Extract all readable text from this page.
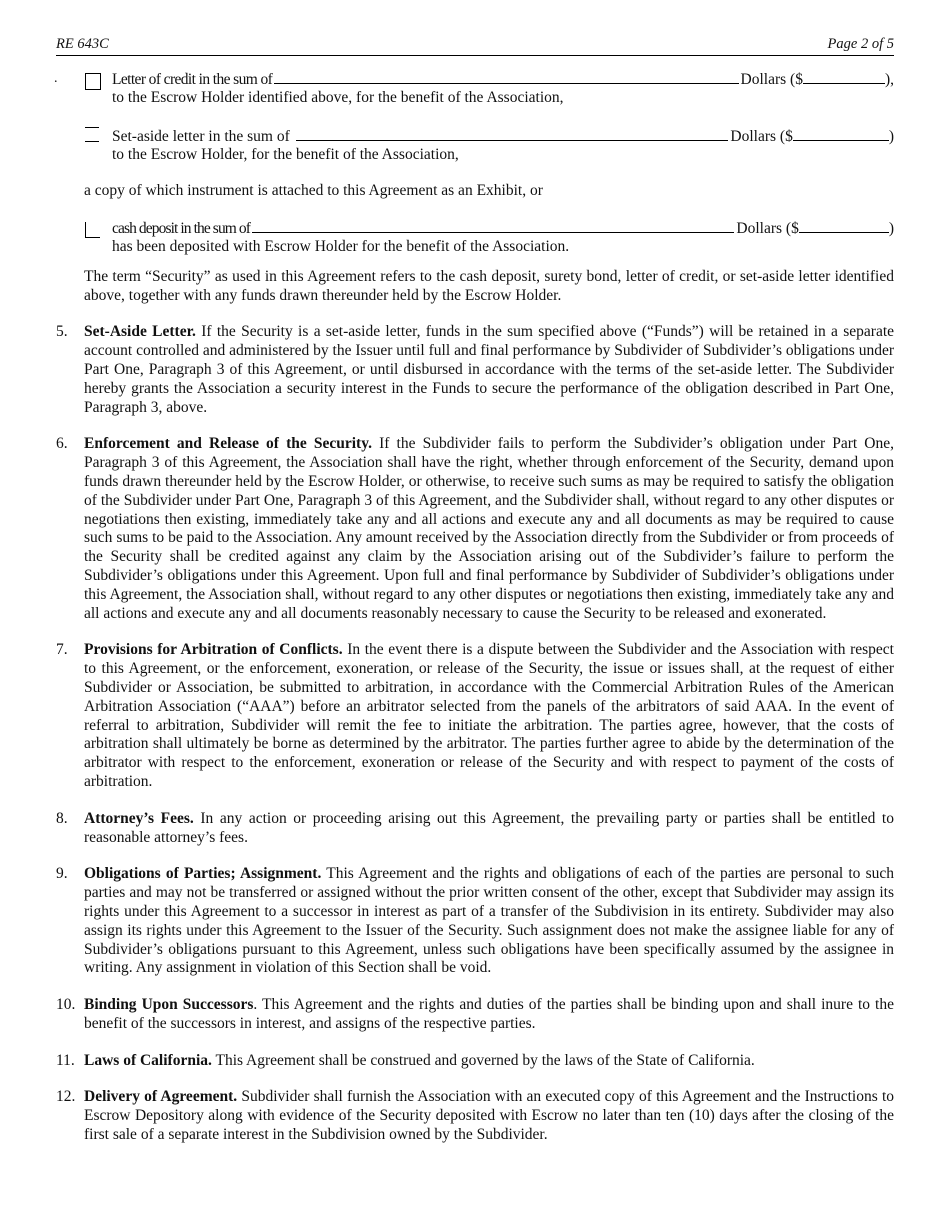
RE 643C	Page 2 of 5
.	Letter of credit in the sum of	Dollars ($	),
to the Escrow Holder identified above, for the benefit of the Association,
Set-aside letter in the sum of	Dollars ($	)
to the Escrow Holder, for the benefit of the Association,
a copy of which instrument is attached to this Agreement as an Exhibit, or
cash deposit in the sum of	Dollars ($	)
has been deposited with Escrow Holder for the benefit of the Association.
The term “Security” as used in this Agreement refers to the cash deposit, surety bond, letter of credit, or set-aside letter identified above, together with any funds drawn thereunder held by the Escrow Holder.
5. Set-Aside Letter. If the Security is a set-aside letter, funds in the sum specified above (“Funds”) will be retained in a separate account controlled and administered by the Issuer until full and final performance by Subdivider of Subdivider’s obligations under Part One, Paragraph 3 of this Agreement, or until disbursed in accordance with the terms of the set-aside letter. The Subdivider hereby grants the Association a security interest in the Funds to secure the performance of the obligation described in Part One, Paragraph 3, above.
6. Enforcement and Release of the Security. If the Subdivider fails to perform the Subdivider’s obligation under Part One, Paragraph 3 of this Agreement, the Association shall have the right, whether through enforcement of the Security, demand upon funds drawn thereunder held by the Escrow Holder, or otherwise, to receive such sums as may be required to satisfy the obligation of the Subdivider under Part One, Paragraph 3 of this Agreement, and the Subdivider shall, without regard to any other disputes or negotiations then existing, immediately take any and all actions and execute any and all documents as may be required to cause such sums to be paid to the Association. Any amount received by the Association directly from the Subdivider or from proceeds of the Security shall be credited against any claim by the Association arising out of the Subdivider’s failure to perform the Subdivider’s obligations under this Agreement. Upon full and final performance by Subdivider of Subdivider’s obligations under this Agreement, the Association shall, without regard to any other disputes or negotiations then existing, immediately take any and all actions and execute any and all documents reasonably necessary to cause the Security to be released and exonerated.
7. Provisions for Arbitration of Conflicts. In the event there is a dispute between the Subdivider and the Association with respect to this Agreement, or the enforcement, exoneration, or release of the Security, the issue or issues shall, at the request of either Subdivider or Association, be submitted to arbitration, in accordance with the Commercial Arbitration Rules of the American Arbitration Association (“AAA”) before an arbitrator selected from the panels of the arbitrators of said AAA. In the event of referral to arbitration, Subdivider will remit the fee to initiate the arbitration. The parties agree, however, that the costs of arbitration shall ultimately be borne as determined by the arbitrator. The parties further agree to abide by the determination of the arbitrator with respect to the enforcement, exoneration or release of the Security and with respect to payment of the costs of arbitration.
8. Attorney’s Fees. In any action or proceeding arising out this Agreement, the prevailing party or parties shall be entitled to reasonable attorney’s fees.
9. Obligations of Parties; Assignment. This Agreement and the rights and obligations of each of the parties are personal to such parties and may not be transferred or assigned without the prior written consent of the other, except that Subdivider may assign its rights under this Agreement to a successor in interest as part of a transfer of the Subdivision in its entirety. Subdivider may also assign its rights under this Agreement to the Issuer of the Security. Such assignment does not make the assignee liable for any of Subdivider’s obligations pursuant to this Agreement, unless such obligations have been specifically assumed by the assignee in writing. Any assignment in violation of this Section shall be void.
10. Binding Upon Successors. This Agreement and the rights and duties of the parties shall be binding upon and shall inure to the benefit of the successors in interest, and assigns of the respective parties.
11. Laws of California. This Agreement shall be construed and governed by the laws of the State of California.
12. Delivery of Agreement. Subdivider shall furnish the Association with an executed copy of this Agreement and the Instructions to Escrow Depository along with evidence of the Security deposited with Escrow no later than ten (10) days after the closing of the first sale of a separate interest in the Subdivision owned by the Subdivider.
